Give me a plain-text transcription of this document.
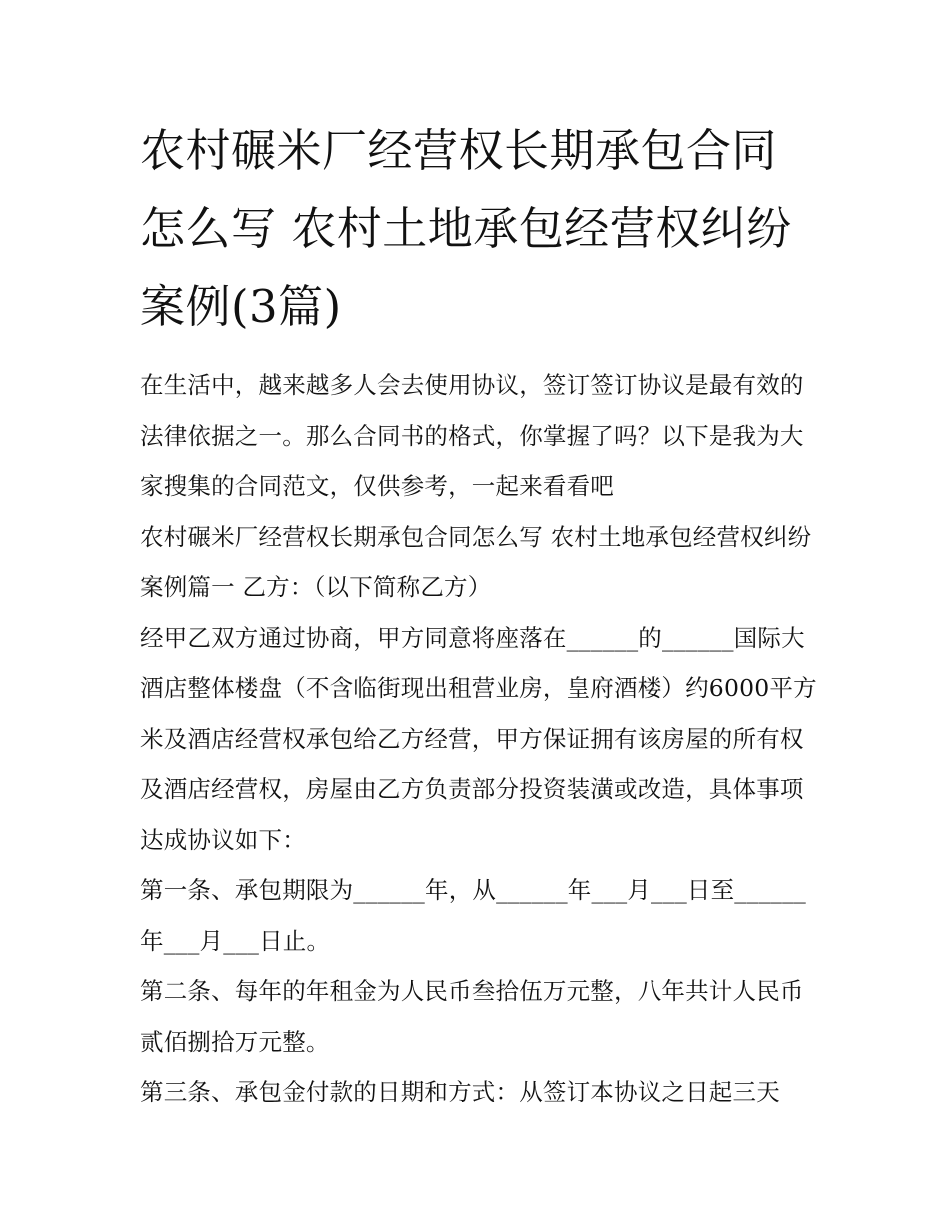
农村碾米厂经营权长期承包合同怎么写 农村土地承包经营权纠纷案例(3篇)

在生活中，越来越多人会去使用协议，签订签订协议是最有效的法律依据之一。那么合同书的格式，你掌握了吗？以下是我为大家搜集的合同范文，仅供参考，一起来看看吧

农村碾米厂经营权长期承包合同怎么写 农村土地承包经营权纠纷案例篇一 乙方：（以下简称乙方）

经甲乙双方通过协商，甲方同意将座落在______的______国际大酒店整体楼盘（不含临街现出租营业房，皇府酒楼）约6000平方米及酒店经营权承包给乙方经营，甲方保证拥有该房屋的所有权及酒店经营权，房屋由乙方负责部分投资装潢或改造，具体事项达成协议如下：

第一条、承包期限为______年，从______年___月___日至______年___月___日止。

第二条、每年的年租金为人民币叁拾伍万元整，八年共计人民币贰佰捌拾万元整。

第三条、承包金付款的日期和方式：从签订本协议之日起三天
